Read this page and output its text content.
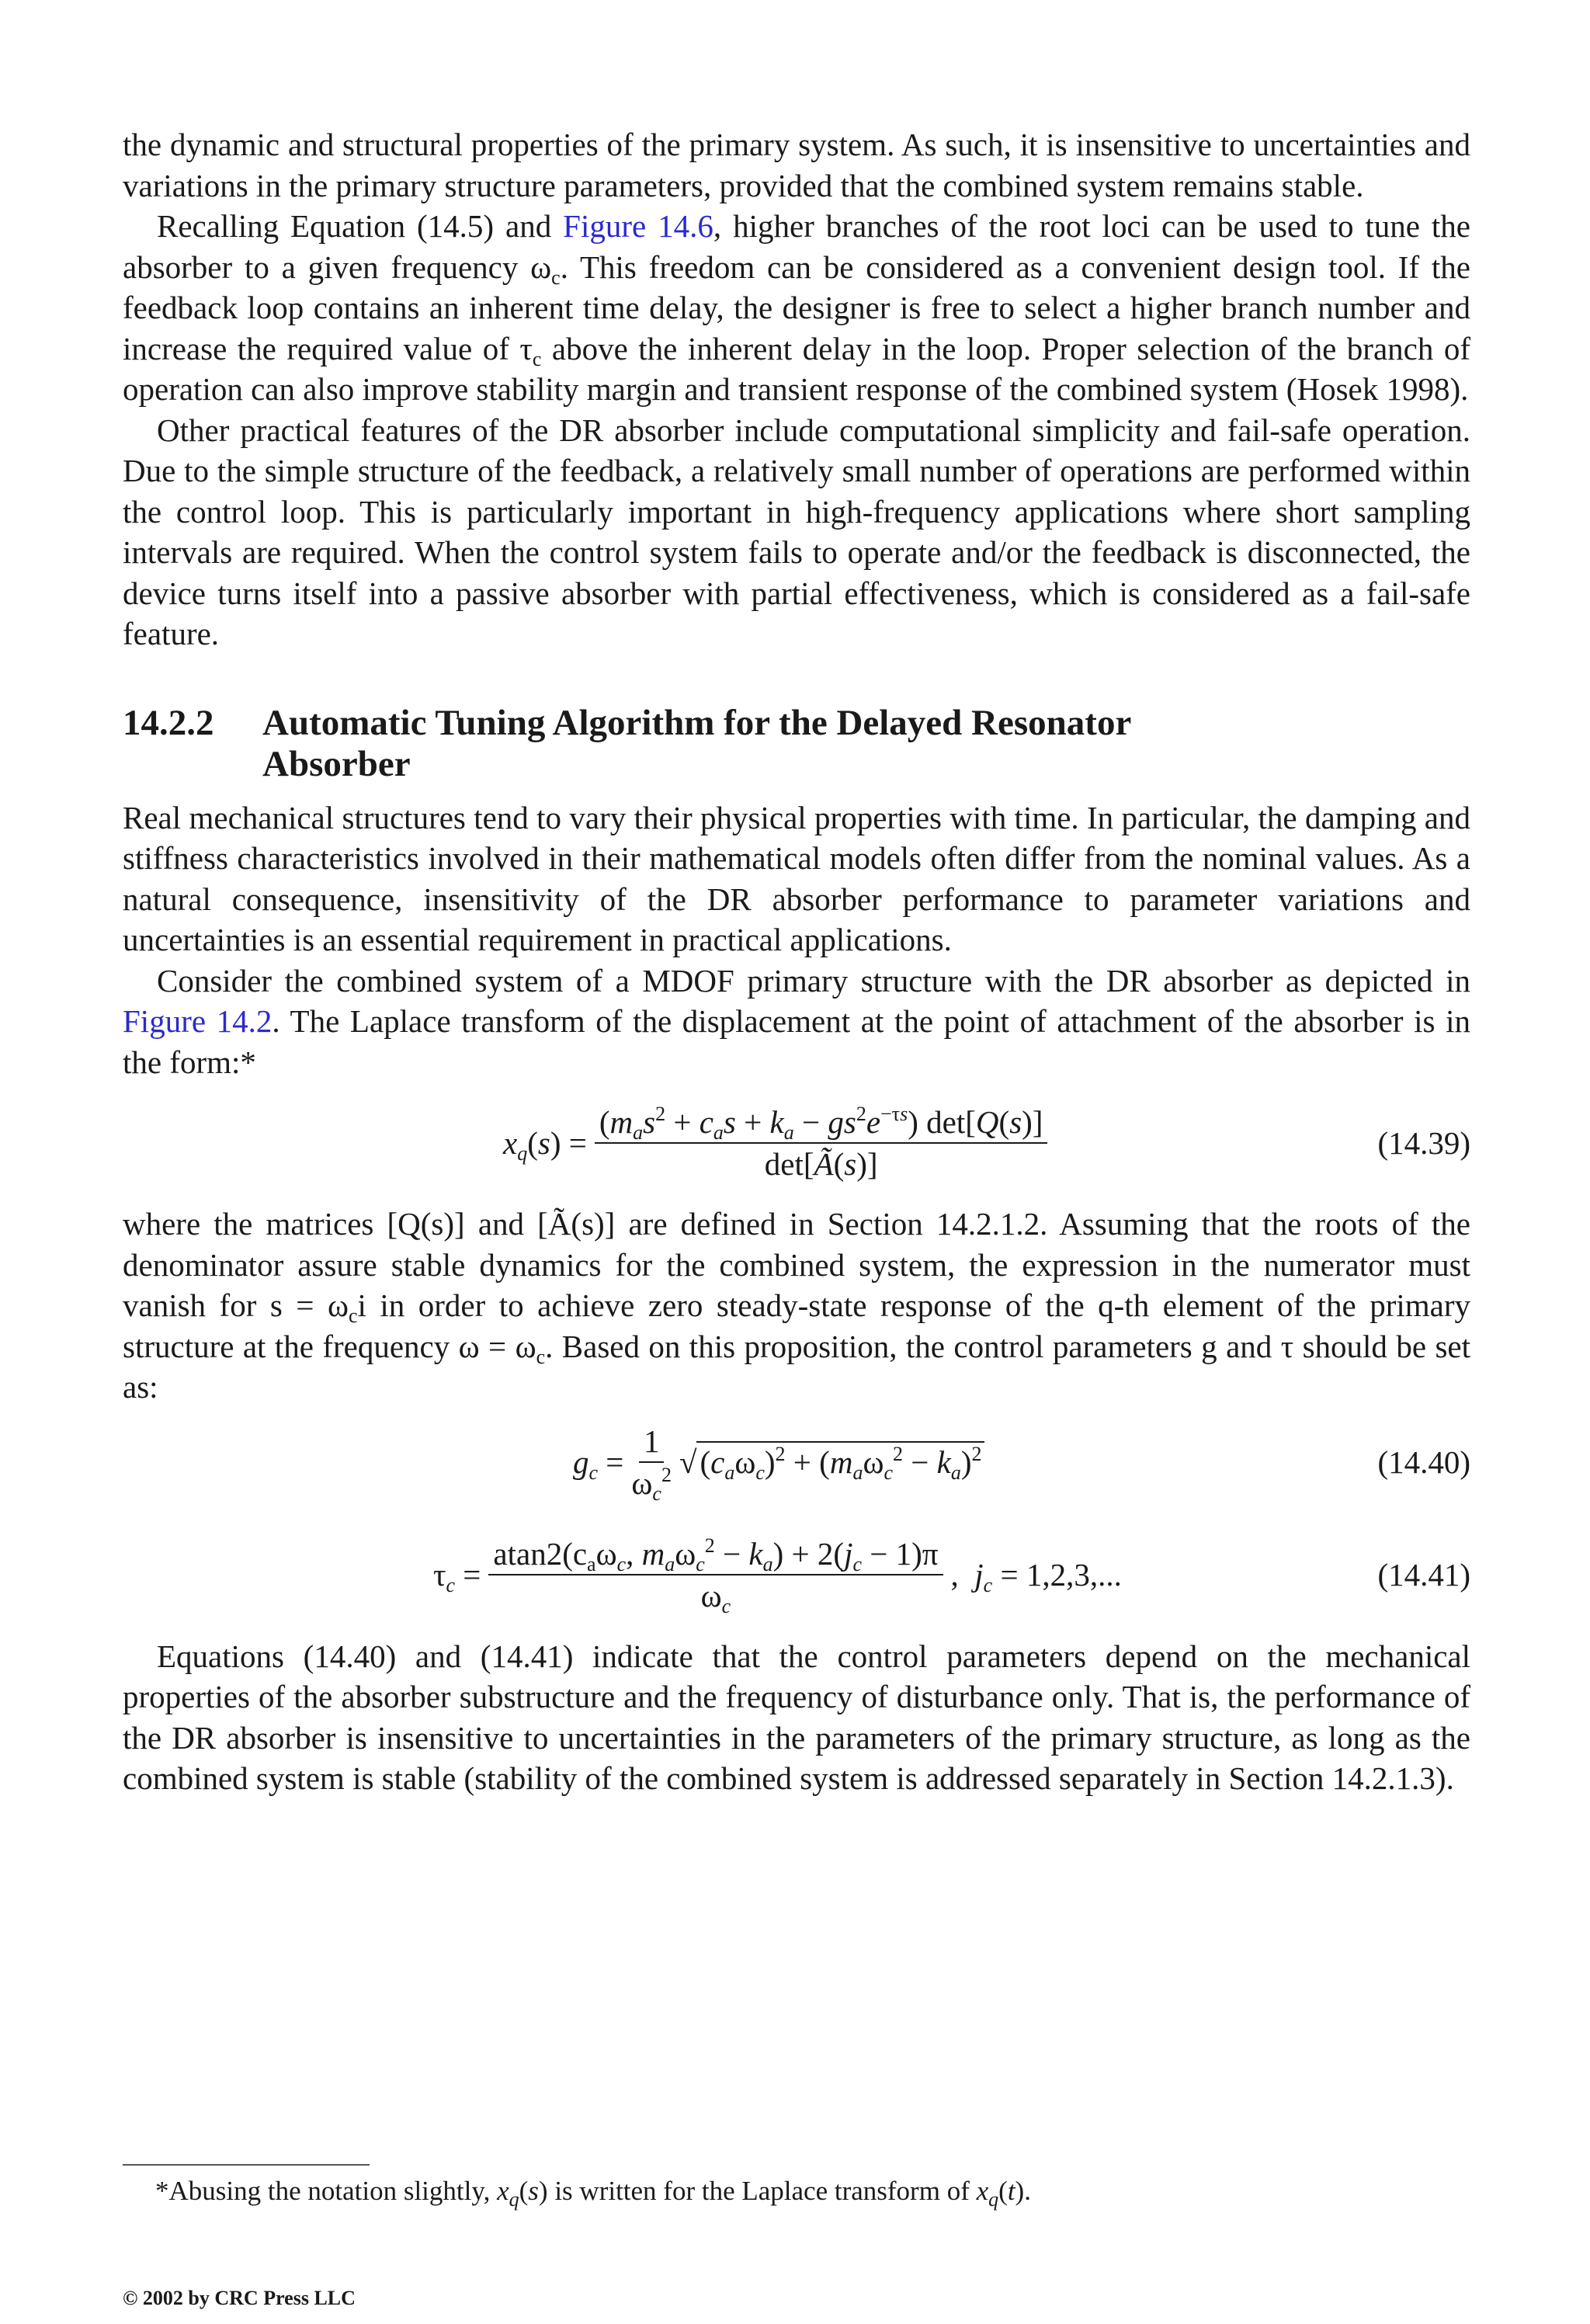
the dynamic and structural properties of the primary system. As such, it is insensitive to uncertainties and variations in the primary structure parameters, provided that the combined system remains stable.

Recalling Equation (14.5) and Figure 14.6, higher branches of the root loci can be used to tune the absorber to a given frequency $\omega_c$. This freedom can be considered as a convenient design tool. If the feedback loop contains an inherent time delay, the designer is free to select a higher branch number and increase the required value of $\tau_c$ above the inherent delay in the loop. Proper selection of the branch of operation can also improve stability margin and transient response of the combined system (Hosek 1998).

Other practical features of the DR absorber include computational simplicity and fail-safe operation. Due to the simple structure of the feedback, a relatively small number of operations are performed within the control loop. This is particularly important in high-frequency applications where short sampling intervals are required. When the control system fails to operate and/or the feedback is disconnected, the device turns itself into a passive absorber with partial effectiveness, which is considered as a fail-safe feature.

14.2.2	Automatic Tuning Algorithm for the Delayed Resonator Absorber

Real mechanical structures tend to vary their physical properties with time. In particular, the damping and stiffness characteristics involved in their mathematical models often differ from the nominal values. As a natural consequence, insensitivity of the DR absorber performance to parameter variations and uncertainties is an essential requirement in practical applications.

Consider the combined system of a MDOF primary structure with the DR absorber as depicted in Figure 14.2. The Laplace transform of the displacement at the point of attachment of the absorber is in the form:*

$x_q(s) = \frac{(m_as^2 + c_as + k_a - gs^2e^{-\tau s}) \det[Q(s)]}{\det[Ã(s)]}$	(14.39)

where the matrices [Q(s)] and [Ã(s)] are defined in Section 14.2.1.2. Assuming that the roots of the denominator assure stable dynamics for the combined system, the expression in the numerator must vanish for $s = \omega_ci$ in order to achieve zero steady-state response of the q-th element of the primary structure at the frequency $\omega = \omega_c$. Based on this proposition, the control parameters g and τ should be set as:

$g_c = \frac{1}{\omega_c^2} √(c_a\omega_c)^2 + (m_a\omega_c^2 - k_a)^2$	(14.40)
$\tau_c = \frac{atan2(c_a\omega_c, m_a\omega_c^2 - k_a) + 2(j_c - 1)\pi}{\omega_c}$ ,  $j_c = 1,2,3$,...	(14.41)

Equations (14.40) and (14.41) indicate that the control parameters depend on the mechanical properties of the absorber substructure and the frequency of disturbance only. That is, the performance of the DR absorber is insensitive to uncertainties in the parameters of the primary structure, as long as the combined system is stable (stability of the combined system is addressed separately in Section 14.2.1.3).

*Abusing the notation slightly, $x_q(s)$ is written for the Laplace transform of $x_q(t)$.
© 2002 by CRC Press LLC
